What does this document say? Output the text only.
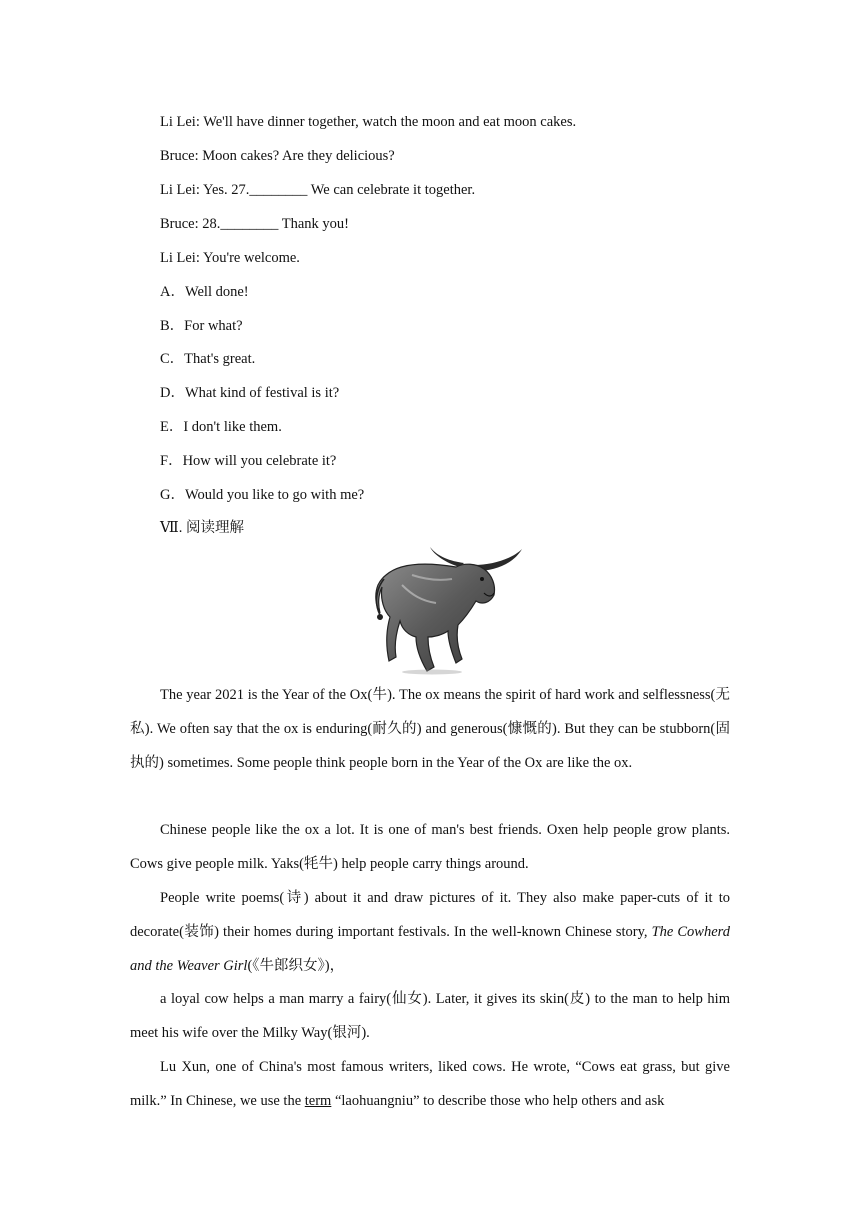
Li Lei: We'll have dinner together, watch the moon and eat moon cakes.
Bruce: Moon cakes? Are they delicious?
Li Lei: Yes. 27.________ We can celebrate it together.
Bruce: 28.________ Thank you!
Li Lei: You're welcome.
A．Well done!
B．For what?
C．That's great.
D．What kind of festival is it?
E．I don't like them.
F．How will you celebrate it?
G．Would you like to go with me?
Ⅶ. 阅读理解

The year 2021 is the Year of the Ox(牛). The ox means the spirit of hard work and selflessness(无私). We often say that the ox is enduring(耐久的) and generous(慷慨的). But they can be stubborn(固执的) sometimes. Some people think people born in the Year of the Ox are like the ox.

Chinese people like the ox a lot. It is one of man's best friends. Oxen help people grow plants. Cows give people milk. Yaks(牦牛) help people carry things around.

People write poems(诗) about it and draw pictures of it. They also make paper-cuts of it to decorate(装饰) their homes during important festivals. In the well-known Chinese story, The Cowherd and the Weaver Girl(《牛郎织女》)，

a loyal cow helps a man marry a fairy(仙女). Later, it gives its skin(皮) to the man to help him meet his wife over the Milky Way(银河).

Lu Xun, one of China's most famous writers, liked cows. He wrote, “Cows eat grass, but give milk.” In Chinese, we use the term “laohuangniu” to describe those who help others and ask
